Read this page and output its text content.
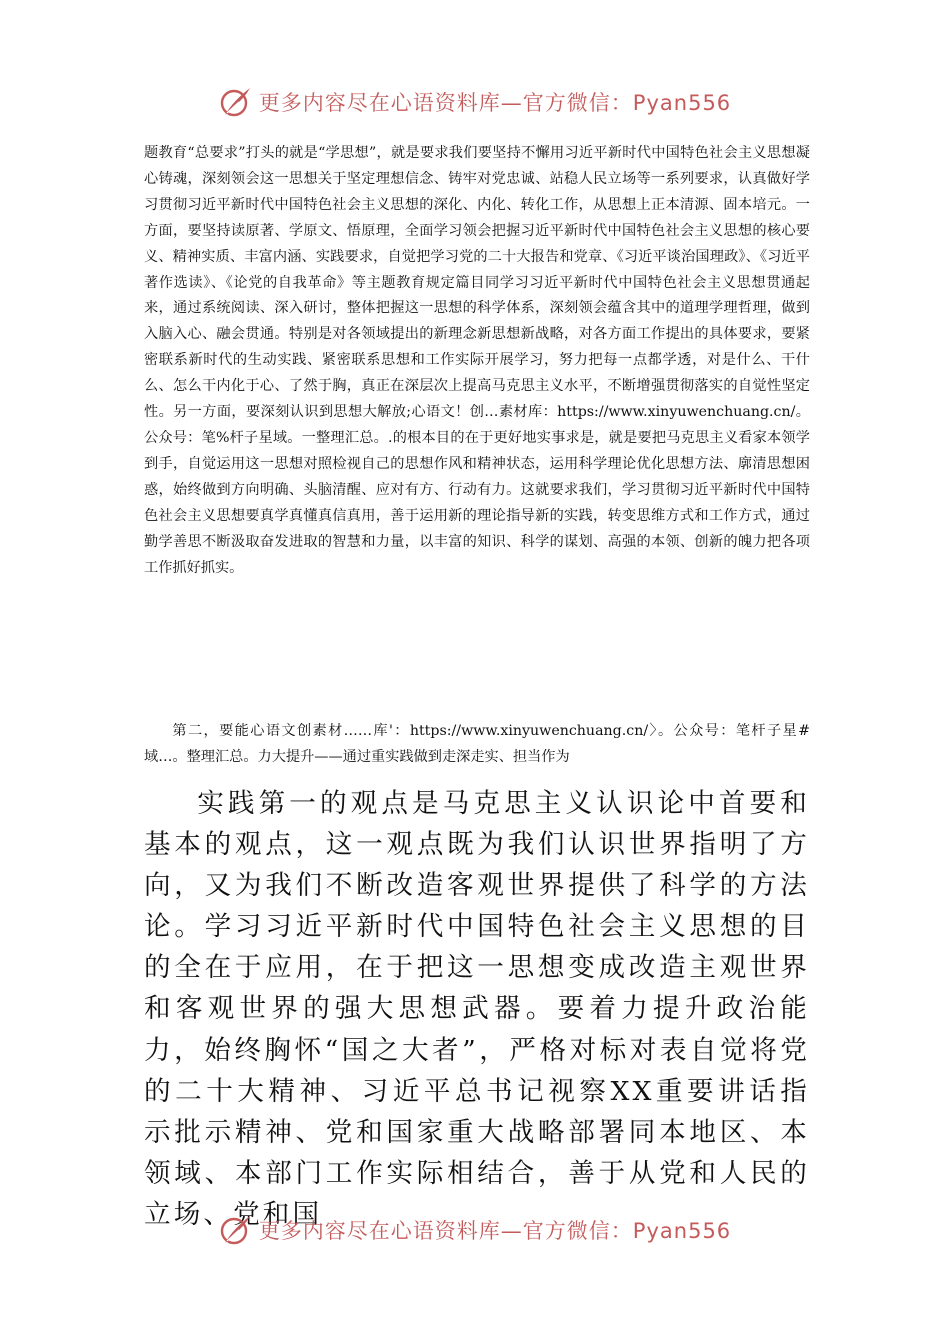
更多内容尽在心语资料库—官方微信：Pyan556

题教育“总要求”打头的就是“学思想”，就是要求我们要坚持不懈用习近平新时代中国特色社会主义思想凝心铸魂，深刻领会这一思想关于坚定理想信念、铸牢对党忠诚、站稳人民立场等一系列要求，认真做好学习贯彻习近平新时代中国特色社会主义思想的深化、内化、转化工作，从思想上正本清源、固本培元。一方面，要坚持读原著、学原文、悟原理，全面学习领会把握习近平新时代中国特色社会主义思想的核心要义、精神实质、丰富内涵、实践要求，自觉把学习党的二十大报告和党章、《习近平谈治国理政》、《习近平著作选读》、《论党的自我革命》等主题教育规定篇目同学习习近平新时代中国特色社会主义思想贯通起来，通过系统阅读、深入研讨，整体把握这一思想的科学体系，深刻领会蕴含其中的道理学理哲理，做到入脑入心、融会贯通。特别是对各领域提出的新理念新思想新战略，对各方面工作提出的具体要求，要紧密联系新时代的生动实践、紧密联系思想和工作实际开展学习，努力把每一点都学透，对是什么、干什么、怎么干内化于心、了然于胸，真正在深层次上提高马克思主义水平，不断增强贯彻落实的自觉性坚定性。另一方面，要深刻认识到思想大解放;心语文！创…素材库：https://www.xinyuwenchuang.cn/。公众号：笔%杆子星域。一整理汇总。.的根本目的在于更好地实事求是，就是要把马克思主义看家本领学到手，自觉运用这一思想对照检视自己的思想作风和精神状态，运用科学理论优化思想方法、廓清思想困惑，始终做到方向明确、头脑清醒、应对有方、行动有力。这就要求我们，学习贯彻习近平新时代中国特色社会主义思想要真学真懂真信真用，善于运用新的理论指导新的实践，转变思维方式和工作方式，通过勤学善思不断汲取奋发进取的智慧和力量，以丰富的知识、科学的谋划、高强的本领、创新的魄力把各项工作抓好抓实。

第二，要能心语文创素材……库'：https://www.xinyuwenchuang.cn/〉。公众号：笔杆子星#域…。整理汇总。力大提升——通过重实践做到走深走实、担当作为

实践第一的观点是马克思主义认识论中首要和基本的观点，这一观点既为我们认识世界指明了方向，又为我们不断改造客观世界提供了科学的方法论。学习习近平新时代中国特色社会主义思想的目的全在于应用，在于把这一思想变成改造主观世界和客观世界的强大思想武器。要着力提升政治能力，始终胸怀“国之大者”，严格对标对表自觉将党的二十大精神、习近平总书记视察XX重要讲话指示批示精神、党和国家重大战略部署同本地区、本领域、本部门工作实际相结合，善于从党和人民的立场、党和国

更多内容尽在心语资料库—官方微信：Pyan556
